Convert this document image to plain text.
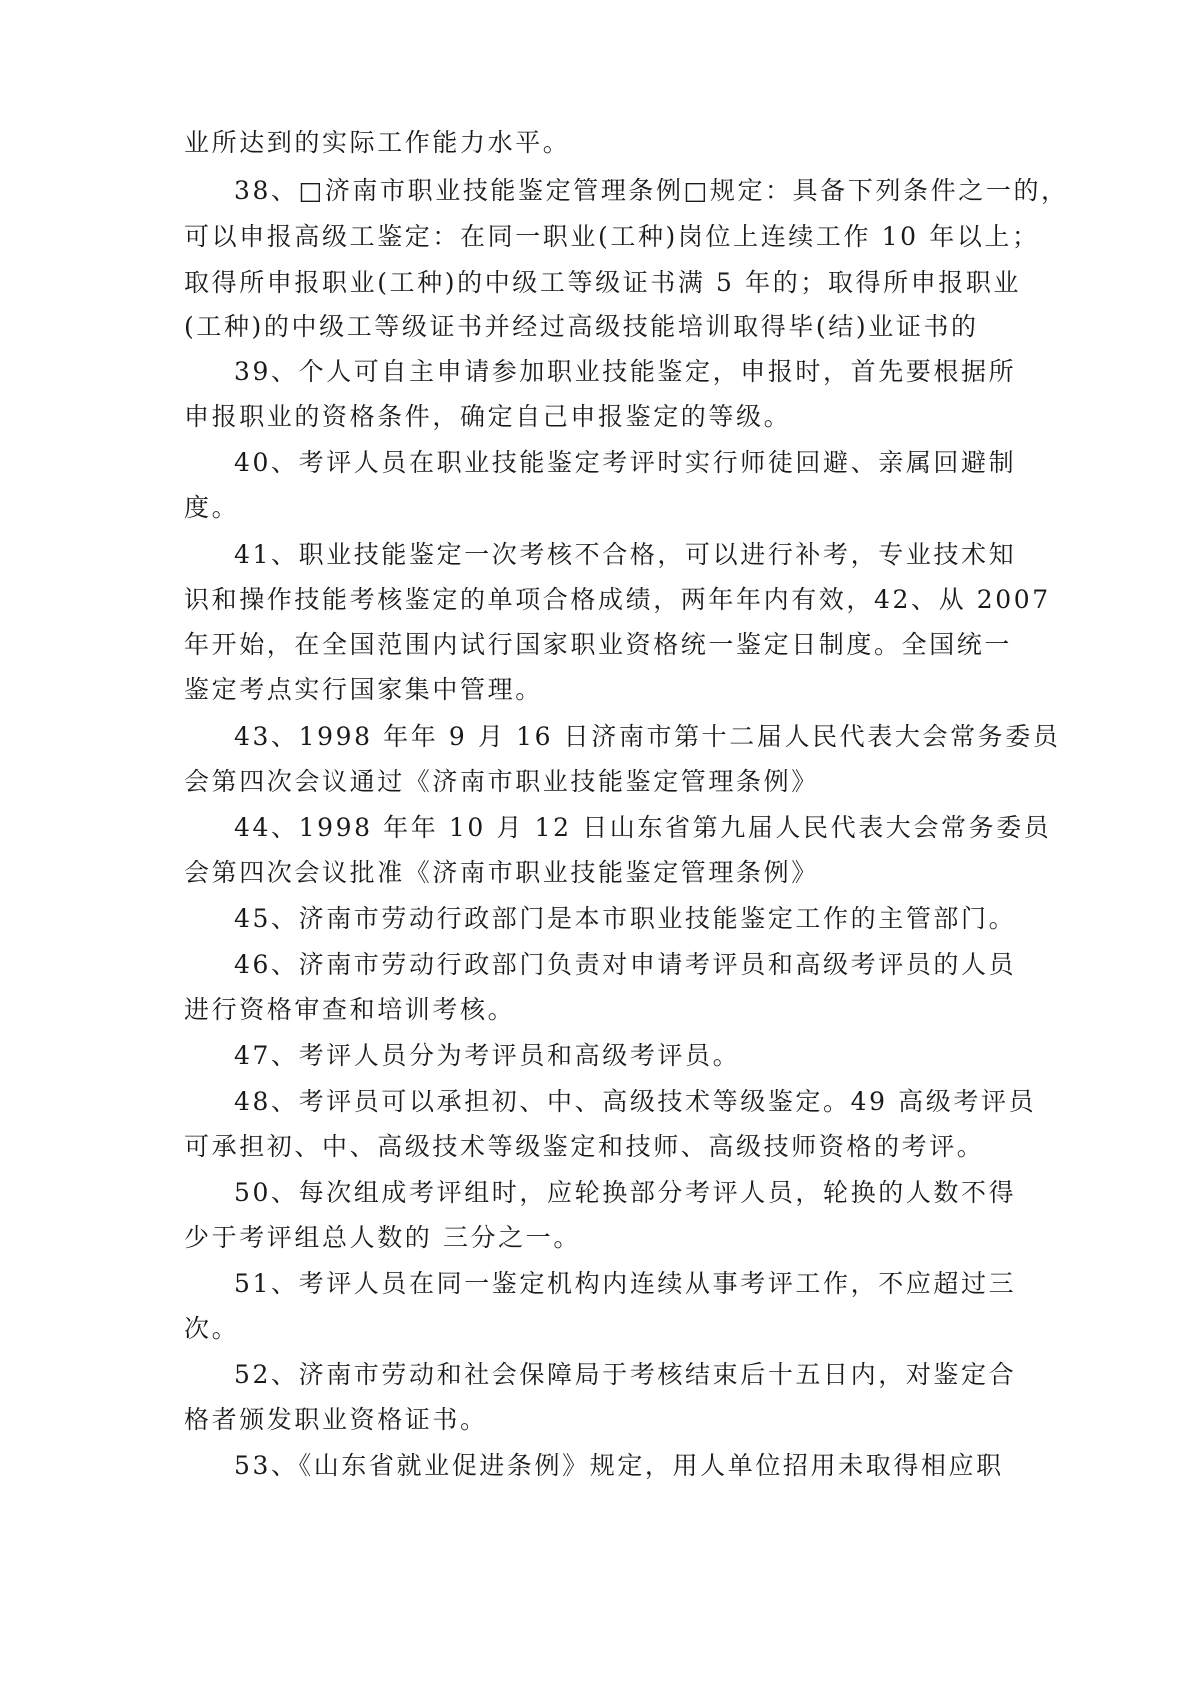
业所达到的实际工作能力水平。

38、□济南市职业技能鉴定管理条例□规定：具备下列条件之一的，

可以申报高级工鉴定：在同一职业(工种)岗位上连续工作 10 年以上；

取得所申报职业(工种)的中级工等级证书满 5 年的；取得所申报职业

(工种)的中级工等级证书并经过高级技能培训取得毕(结)业证书的

39、个人可自主申请参加职业技能鉴定，申报时，首先要根据所

申报职业的资格条件，确定自己申报鉴定的等级。

40、考评人员在职业技能鉴定考评时实行师徒回避、亲属回避制

度。

41、职业技能鉴定一次考核不合格，可以进行补考，专业技术知

识和操作技能考核鉴定的单项合格成绩，两年年内有效，42、从 2007

年开始，在全国范围内试行国家职业资格统一鉴定日制度。全国统一

鉴定考点实行国家集中管理。

43、1998 年年 9 月 16 日济南市第十二届人民代表大会常务委员

会第四次会议通过《济南市职业技能鉴定管理条例》

44、1998 年年 10 月 12 日山东省第九届人民代表大会常务委员

会第四次会议批准《济南市职业技能鉴定管理条例》

45、济南市劳动行政部门是本市职业技能鉴定工作的主管部门。

46、济南市劳动行政部门负责对申请考评员和高级考评员的人员

进行资格审查和培训考核。

47、考评人员分为考评员和高级考评员。

48、考评员可以承担初、中、高级技术等级鉴定。49 高级考评员

可承担初、中、高级技术等级鉴定和技师、高级技师资格的考评。

50、每次组成考评组时，应轮换部分考评人员，轮换的人数不得

少于考评组总人数的 三分之一。

51、考评人员在同一鉴定机构内连续从事考评工作，不应超过三

次。

52、济南市劳动和社会保障局于考核结束后十五日内，对鉴定合

格者颁发职业资格证书。

53、《山东省就业促进条例》规定，用人单位招用未取得相应职
